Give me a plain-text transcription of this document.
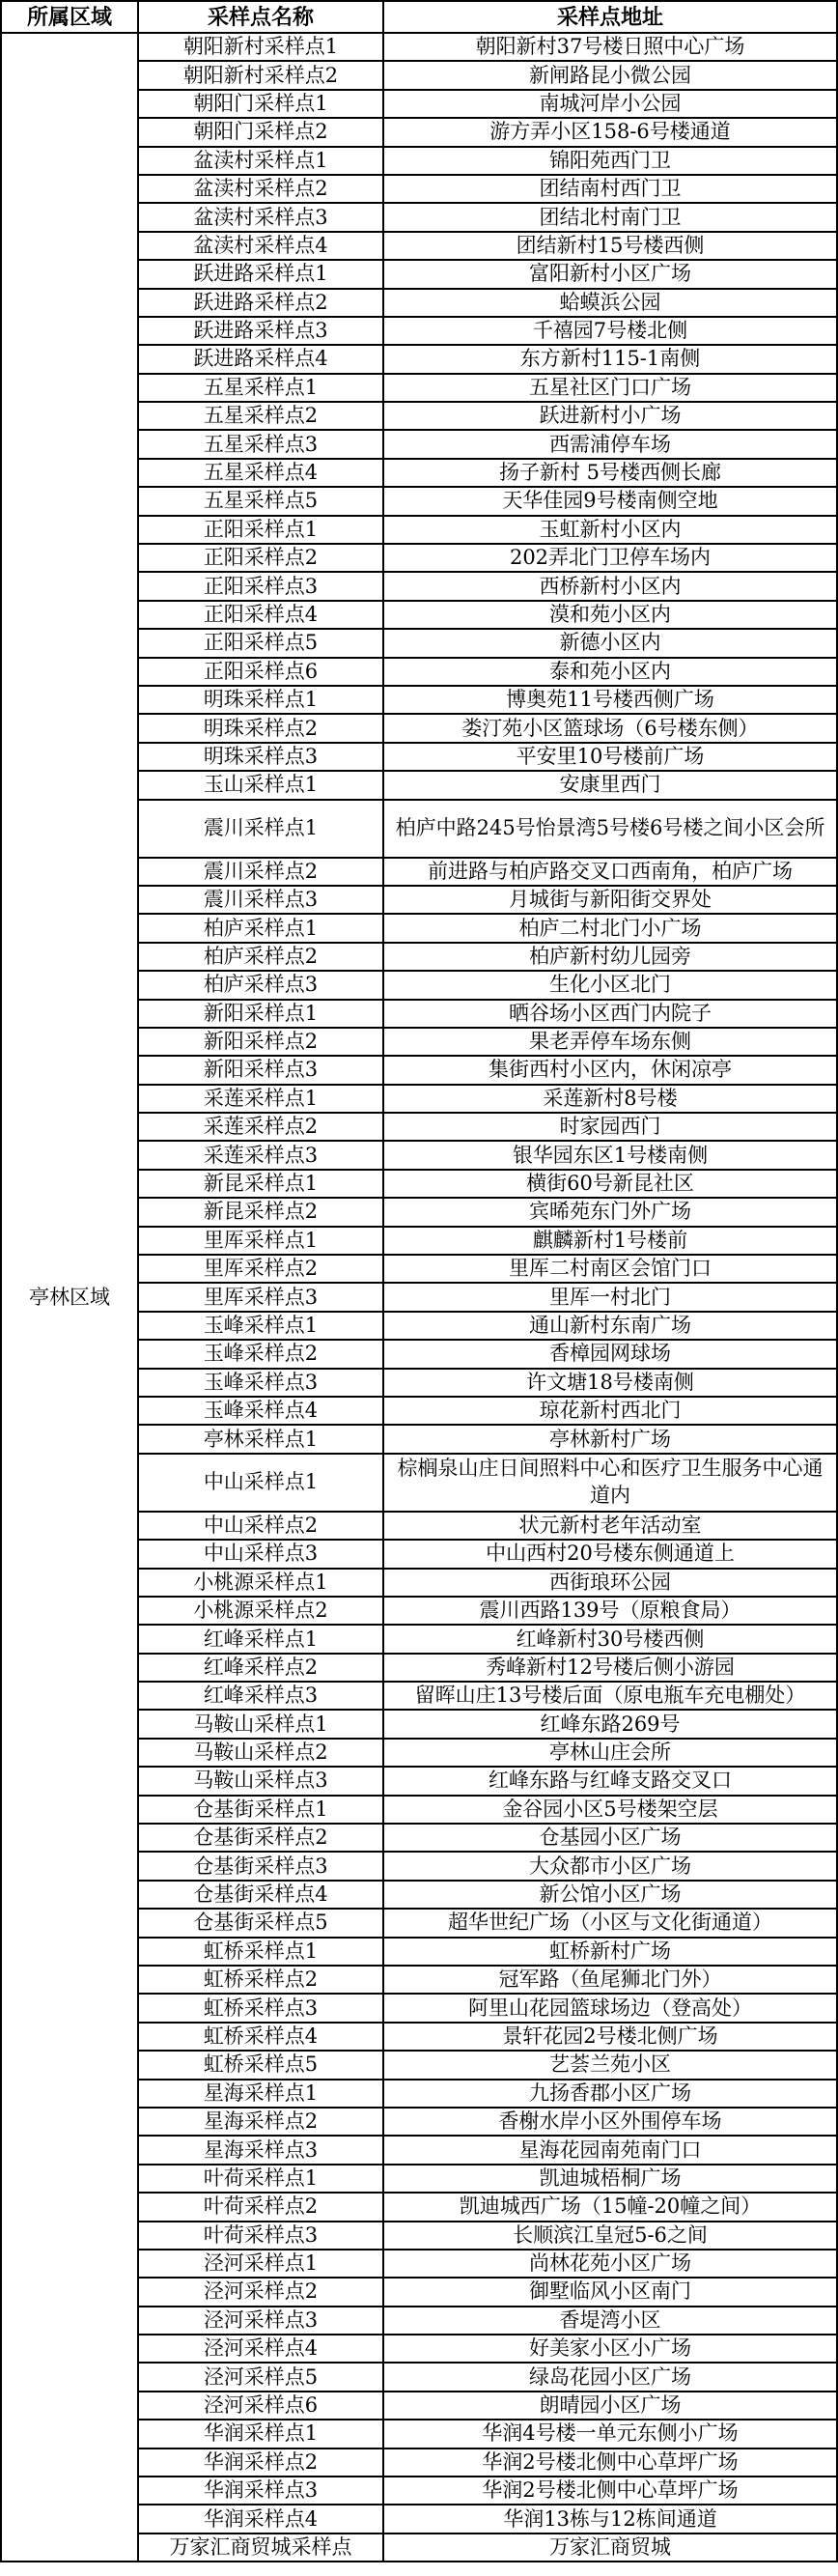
所属区域	采样点名称	采样点地址
亭林区域	朝阳新村采样点1	朝阳新村37号楼日照中心广场
	朝阳新村采样点2	新闸路昆小微公园
	朝阳门采样点1	南城河岸小公园
	朝阳门采样点2	游方弄小区158-6号楼通道
	盆渎村采样点1	锦阳苑西门卫
	盆渎村采样点2	团结南村西门卫
	盆渎村采样点3	团结北村南门卫
	盆渎村采样点4	团结新村15号楼西侧
	跃进路采样点1	富阳新村小区广场
	跃进路采样点2	蛤蟆浜公园
	跃进路采样点3	千禧园7号楼北侧
	跃进路采样点4	东方新村115-1南侧
	五星采样点1	五星社区门口广场
	五星采样点2	跃进新村小广场
	五星采样点3	西需浦停车场
	五星采样点4	扬子新村 5号楼西侧长廊
	五星采样点5	天华佳园9号楼南侧空地
	正阳采样点1	玉虹新村小区内
	正阳采样点2	202弄北门卫停车场内
	正阳采样点3	西桥新村小区内
	正阳采样点4	漠和苑小区内
	正阳采样点5	新德小区内
	正阳采样点6	泰和苑小区内
	明珠采样点1	博奥苑11号楼西侧广场
	明珠采样点2	娄汀苑小区篮球场（6号楼东侧）
	明珠采样点3	平安里10号楼前广场
	玉山采样点1	安康里西门
	震川采样点1	柏庐中路245号怡景湾5号楼6号楼之间小区会所
	震川采样点2	前进路与柏庐路交叉口西南角，柏庐广场
	震川采样点3	月城街与新阳街交界处
	柏庐采样点1	柏庐二村北门小广场
	柏庐采样点2	柏庐新村幼儿园旁
	柏庐采样点3	生化小区北门
	新阳采样点1	晒谷场小区西门内院子
	新阳采样点2	果老弄停车场东侧
	新阳采样点3	集街西村小区内，休闲凉亭
	采莲采样点1	采莲新村8号楼
	采莲采样点2	时家园西门
	采莲采样点3	银华园东区1号楼南侧
	新昆采样点1	横街60号新昆社区
	新昆采样点2	宾晞苑东门外广场
	里厍采样点1	麒麟新村1号楼前
	里厍采样点2	里厍二村南区会馆门口
	里厍采样点3	里厍一村北门
	玉峰采样点1	通山新村东南广场
	玉峰采样点2	香樟园网球场
	玉峰采样点3	许文塘18号楼南侧
	玉峰采样点4	琼花新村西北门
	亭林采样点1	亭林新村广场
	中山采样点1	棕榈泉山庄日间照料中心和医疗卫生服务中心通道内
	中山采样点2	状元新村老年活动室
	中山采样点3	中山西村20号楼东侧通道上
	小桃源采样点1	西街琅环公园
	小桃源采样点2	震川西路139号（原粮食局）
	红峰采样点1	红峰新村30号楼西侧
	红峰采样点2	秀峰新村12号楼后侧小游园
	红峰采样点3	留晖山庄13号楼后面（原电瓶车充电棚处）
	马鞍山采样点1	红峰东路269号
	马鞍山采样点2	亭林山庄会所
	马鞍山采样点3	红峰东路与红峰支路交叉口
	仓基街采样点1	金谷园小区5号楼架空层
	仓基街采样点2	仓基园小区广场
	仓基街采样点3	大众都市小区广场
	仓基街采样点4	新公馆小区广场
	仓基街采样点5	超华世纪广场（小区与文化街通道）
	虹桥采样点1	虹桥新村广场
	虹桥采样点2	冠军路（鱼尾狮北门外）
	虹桥采样点3	阿里山花园篮球场边（登高处）
	虹桥采样点4	景轩花园2号楼北侧广场
	虹桥采样点5	艺荟兰苑小区
	星海采样点1	九扬香郡小区广场
	星海采样点2	香榭水岸小区外围停车场
	星海采样点3	星海花园南苑南门口
	叶荷采样点1	凯迪城梧桐广场
	叶荷采样点2	凯迪城西广场（15幢-20幢之间）
	叶荷采样点3	长顺滨江皇冠5-6之间
	泾河采样点1	尚林花苑小区广场
	泾河采样点2	御墅临风小区南门
	泾河采样点3	香堤湾小区
	泾河采样点4	好美家小区小广场
	泾河采样点5	绿岛花园小区广场
	泾河采样点6	朗晴园小区广场
	华润采样点1	华润4号楼一单元东侧小广场
	华润采样点2	华润2号楼北侧中心草坪广场
	华润采样点3	华润2号楼北侧中心草坪广场
	华润采样点4	华润13栋与12栋间通道
	万家汇商贸城采样点	万家汇商贸城
